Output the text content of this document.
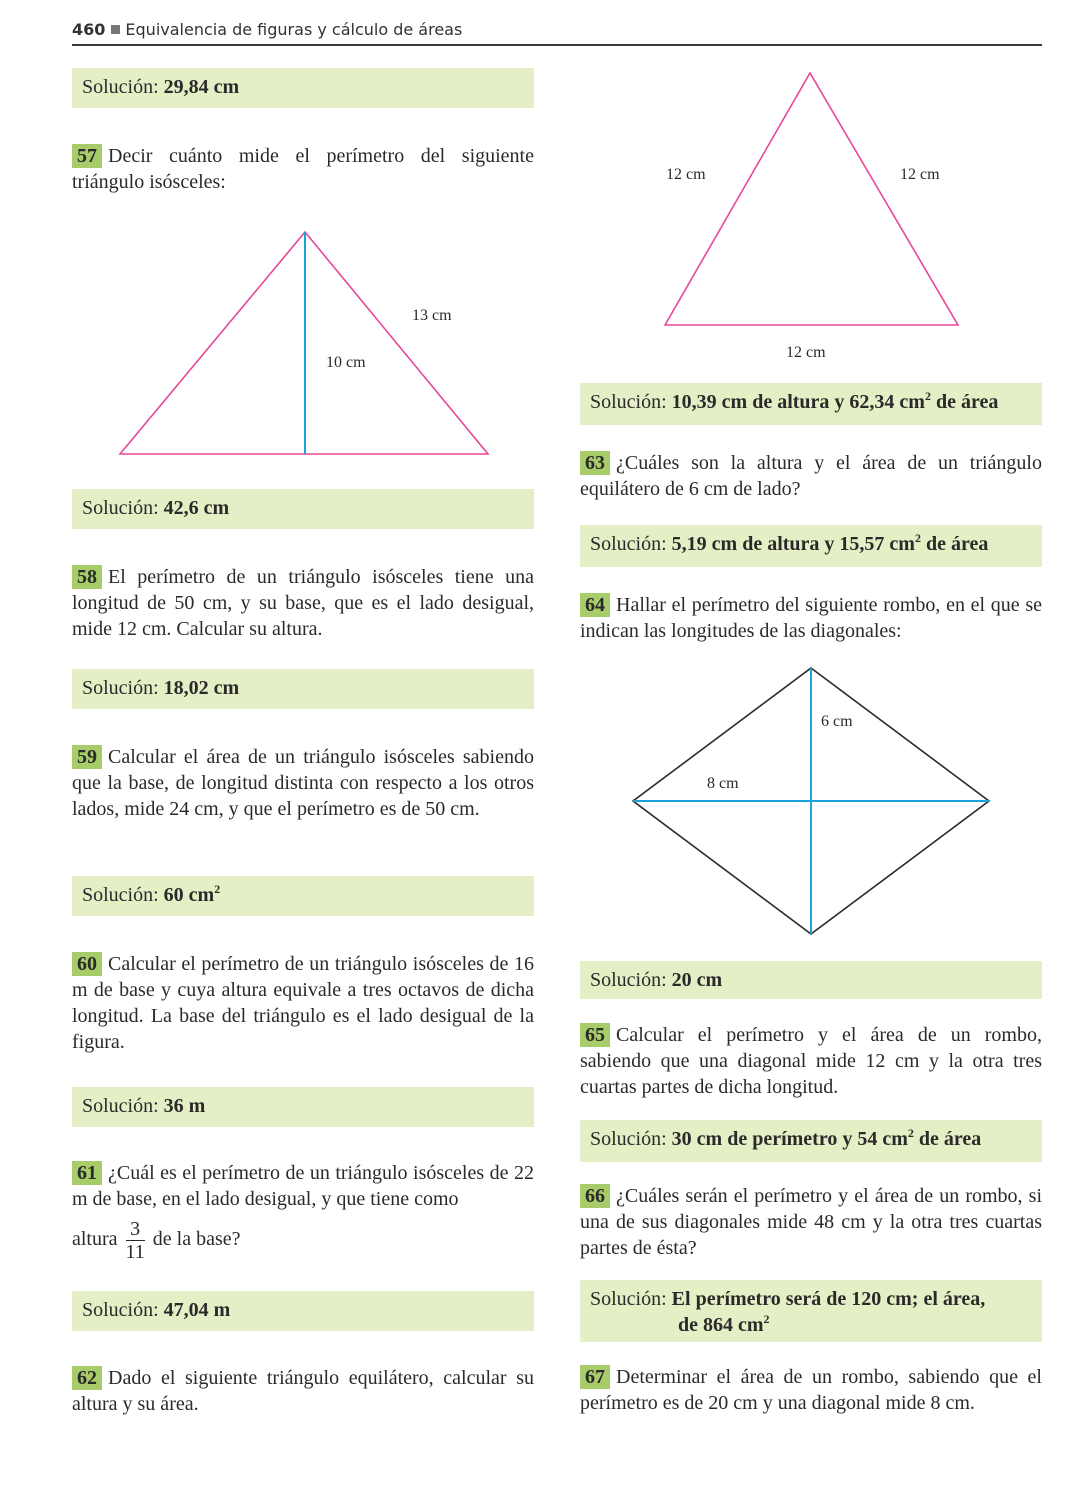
460 Equivalencia de figuras y cálculo de áreas
Solución: 29,84 cm
57 Decir cuánto mide el perímetro del siguiente triángulo isósceles:
13 cm
10 cm
Solución: 42,6 cm
58 El perímetro de un triángulo isósceles tiene una longitud de 50 cm, y su base, que es el lado desigual, mide 12 cm. Calcular su altura.
Solución: 18,02 cm
59 Calcular el área de un triángulo isósceles sabiendo que la base, de longitud distinta con respecto a los otros lados, mide 24 cm, y que el perímetro es de 50 cm.
Solución: 60 $cm^2$
60 Calcular el perímetro de un triángulo isósceles de 16 m de base y cuya altura equivale a tres octavos de dicha longitud. La base del triángulo es el lado desigual de la figura.
Solución: 36 m
61 ¿Cuál es el perímetro de un triángulo isósceles de 22 m de base, en el lado desigual, y que tiene como
altura $\frac{3}{11}$ de la base?
Solución: 47,04 m
62 Dado el siguiente triángulo equilátero, calcular su altura y su área.
12 cm	12 cm
12 cm
Solución: 10,39 cm de altura y 62,34 $cm^2$ de área
63 ¿Cuáles son la altura y el área de un triángulo equilátero de 6 cm de lado?
Solución: 5,19 cm de altura y 15,57 $cm^2$ de área
64 Hallar el perímetro del siguiente rombo, en el que se indican las longitudes de las diagonales:
6 cm
8 cm
Solución: 20 cm
65 Calcular el perímetro y el área de un rombo, sabiendo que una diagonal mide 12 cm y la otra tres cuartas partes de dicha longitud.
Solución: 30 cm de perímetro y 54 $cm^2$ de área
66 ¿Cuáles serán el perímetro y el área de un rombo, si una de sus diagonales mide 48 cm y la otra tres cuartas partes de ésta?
Solución: El perímetro será de 120 cm; el área,
de 864 $cm^2$
67 Determinar el área de un rombo, sabiendo que el perímetro es de 20 cm y una diagonal mide 8 cm.
